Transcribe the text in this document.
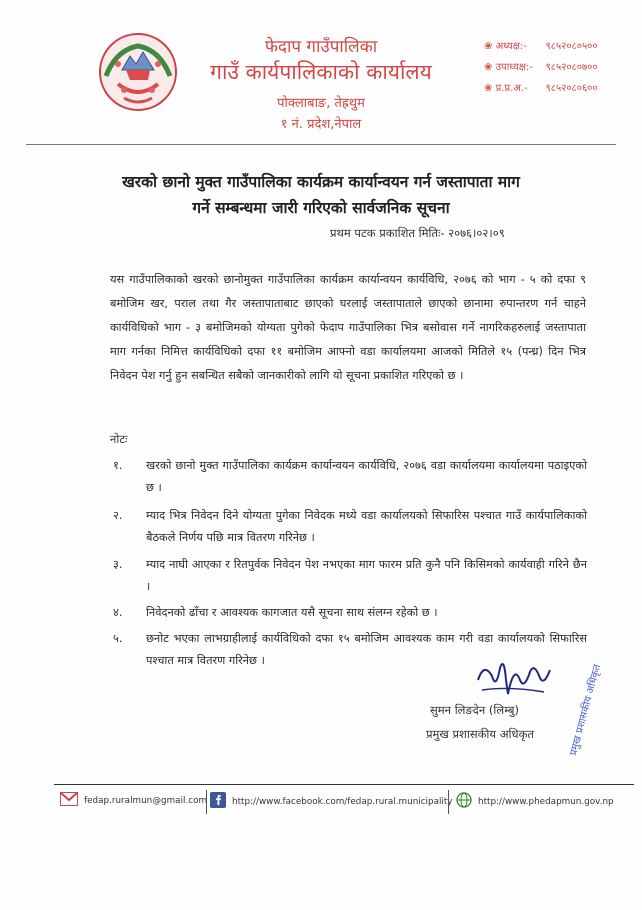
फेदाप गाउँपालिका
गाउँ कार्यपालिकाको कार्यालय
पोक्लाबाङ, तेह्रथुम
१ नं. प्रदेश,नेपाल
❀ अध्यक्ष:- ९८५२०८०५००
❀ उपाध्यक्ष:- ९८५२०८०७००
❀ प्र.प्र.अ.- ९८५२०८०६००
खरको छानो मुक्त गाउँपालिका कार्यक्रम कार्यान्वयन गर्न जस्तापाता माग
गर्ने सम्बन्धमा जारी गरिएको सार्वजनिक सूचना
प्रथम पटक प्रकाशित मितिः- २०७६।०२।०९
यस गाउँपालिकाको खरको छानोमुक्त गाउँपालिका कार्यक्रम कार्यान्वयन कार्यविधि, २०७६ को भाग - ५ को दफा ९ बमोजिम खर, पराल तथा गैर जस्तापाताबाट छाएको घरलाई जस्तापाताले छाएको छानामा रुपान्तरण गर्न चाहने कार्यविधिको भाग - ३ बमोजिमको योग्यता पुगेको फेदाप गाउँपालिका भित्र बसोवास गर्ने नागरिकहरुलाई जस्तापाता माग गर्नका निमित्त कार्यविधिको दफा ११ बमोजिम आफ्नो वडा कार्यालयमा आजको मितिले १५ (पन्ध्र) दिन भित्र निवेदन पेश गर्नु हुन सबन्धित सबैको जानकारीको लागि यो सूचना प्रकाशित गरिएको छ ।
नोटः
१.	खरको छानो मुक्त गाउँपालिका कार्यक्रम कार्यान्वयन कार्यविधि, २०७६ वडा कार्यालयमा कार्यालयमा पठाइएको छ ।
२.	म्याद भित्र निवेदन दिने योग्यता पुगेका निवेदक मध्ये वडा कार्यालयको सिफारिस पश्चात गाउँ कार्यपालिकाको बैठकले निर्णय पछि मात्र वितरण गरिनेछ ।
३.	म्याद नाघी आएका र रितपुर्वक निवेदन पेश नभएका माग फारम प्रति कुनै पनि किसिमको कार्यवाही गरिने छैन ।
४.	निवेदनको ढाँचा र आवश्यक कागजात यसै सूचना साथ संलग्न रहेको छ ।
५.	छनोट भएका लाभग्राहीलाई कार्यविधिको दफा १५ बमोजिम आवश्यक काम गरी वडा कार्यालयको सिफारिस पश्चात मात्र वितरण गरिनेछ ।
प्रमुख प्रशासकीय अधिकृत
सुमन लिङदेन (लिम्बु)
प्रमुख प्रशासकीय अधिकृत
fedap.ruralmun@gmail.com	http://www.facebook.com/fedap.rural.municipality	http://www.phedapmun.gov.np
